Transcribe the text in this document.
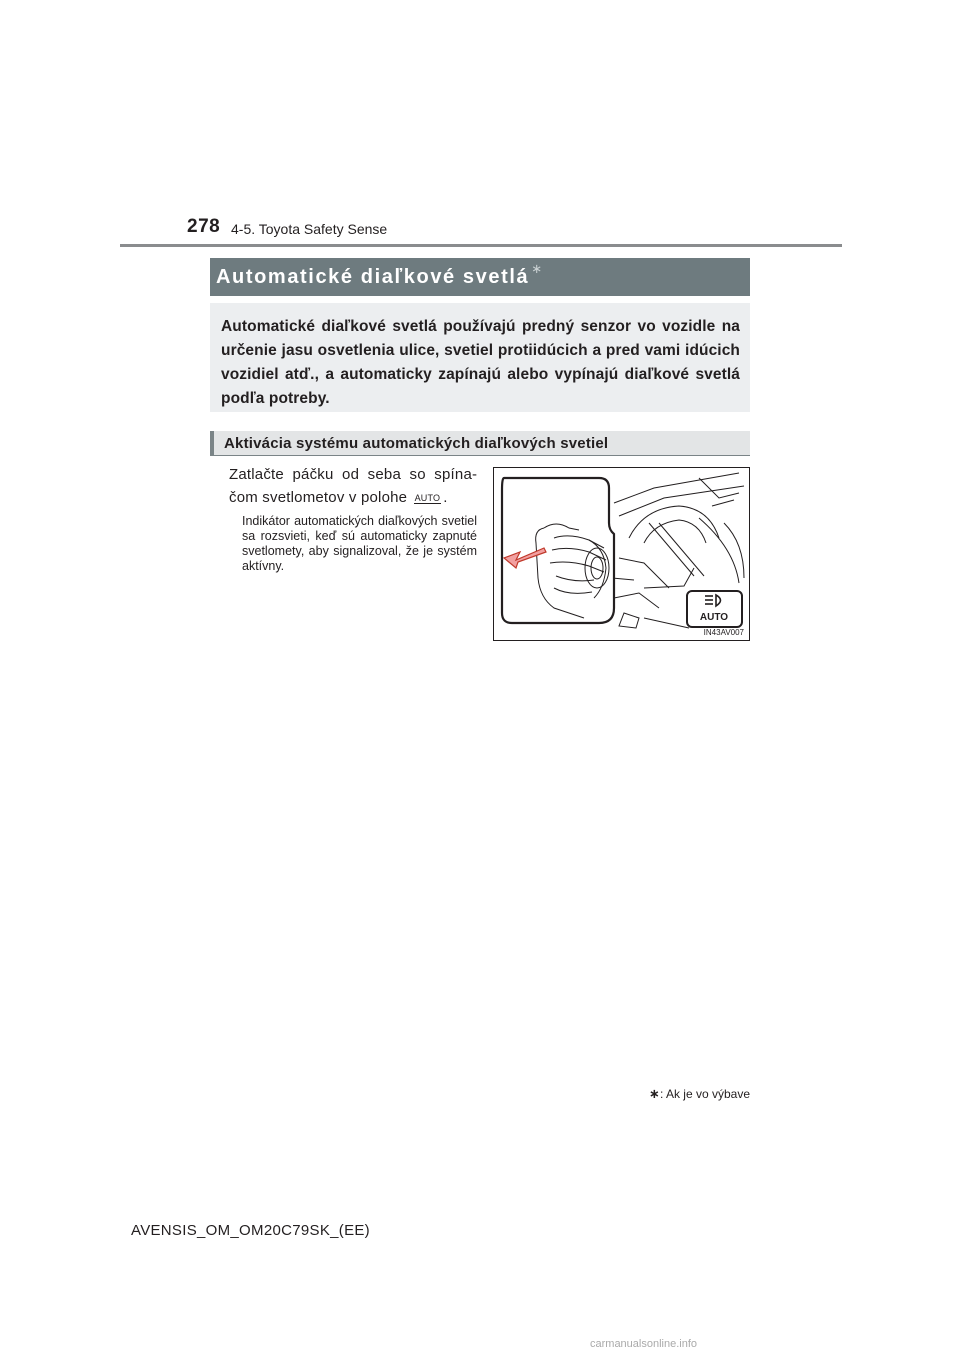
278 4-5. Toyota Safety Sense
Automatické diaľkové svetlá ∗

Automatické diaľkové svetlá používajú predný senzor vo vozidle na určenie jasu osvetlenia ulice, svetiel protiidúcich a pred vami idúcich vozidiel atď., a automaticky zapínajú alebo vypínajú diaľkové svetlá podľa potreby.

Aktivácia systému automatických diaľkových svetiel

Zatlačte páčku od seba so spínačom svetlometov v polohe AUTO .

Indikátor automatických diaľkových svetiel sa rozsvieti, keď sú automaticky zapnuté svetlomety, aby signalizoval, že je systém aktívny.

AUTO
IN43AV007
∗: Ak je vo výbave
AVENSIS_OM_OM20C79SK_(EE)
carmanualsonline.info
